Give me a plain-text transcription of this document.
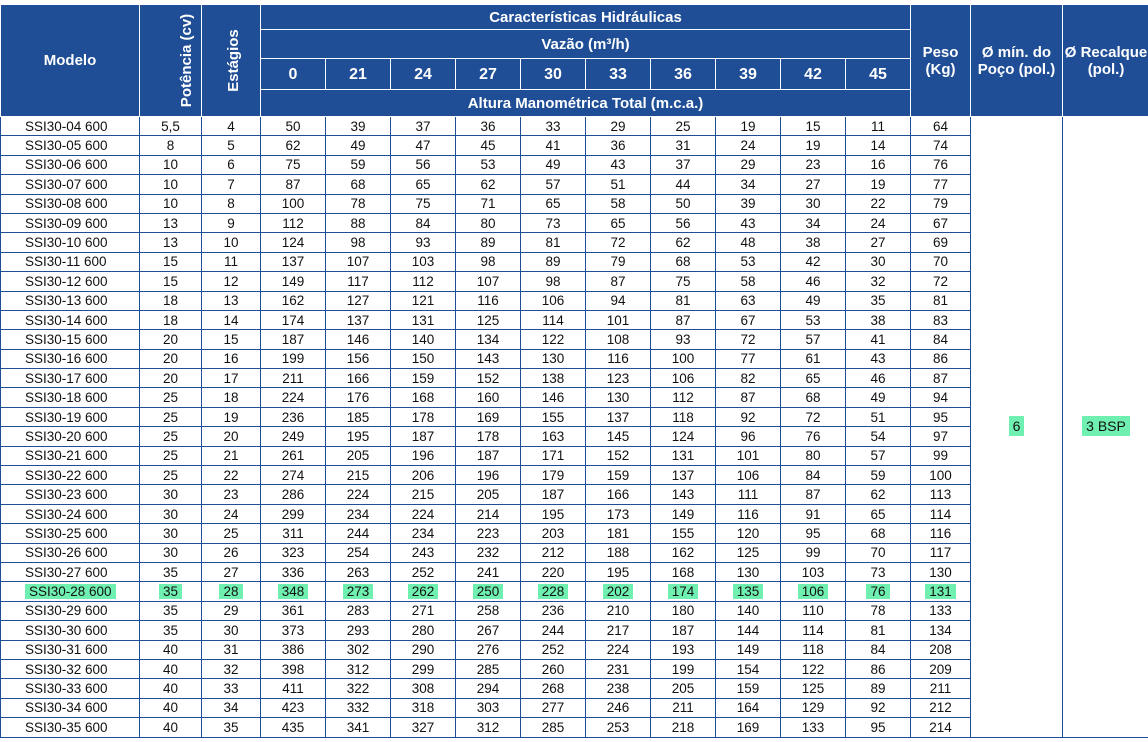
Modelo	Potência (cv)	Estágios	Características Hidráulicas										Peso (Kg)	Ø mín. do Poço (pol.)	Ø Recalque (pol.)
			Vazão (m³/h)												
			0	21	24	27	30	33	36	39	42	45			
			Altura Manométrica Total (m.c.a.)												
SSI30-04 600	5,5	4	50	39	37	36	33	29	25	19	15	11	64	6	3 BSP
SSI30-05 600	8	5	62	49	47	45	41	36	31	24	19	14	74		
SSI30-06 600	10	6	75	59	56	53	49	43	37	29	23	16	76		
SSI30-07 600	10	7	87	68	65	62	57	51	44	34	27	19	77		
SSI30-08 600	10	8	100	78	75	71	65	58	50	39	30	22	79		
SSI30-09 600	13	9	112	88	84	80	73	65	56	43	34	24	67		
SSI30-10 600	13	10	124	98	93	89	81	72	62	48	38	27	69		
SSI30-11 600	15	11	137	107	103	98	89	79	68	53	42	30	70		
SSI30-12 600	15	12	149	117	112	107	98	87	75	58	46	32	72		
SSI30-13 600	18	13	162	127	121	116	106	94	81	63	49	35	81		
SSI30-14 600	18	14	174	137	131	125	114	101	87	67	53	38	83		
SSI30-15 600	20	15	187	146	140	134	122	108	93	72	57	41	84		
SSI30-16 600	20	16	199	156	150	143	130	116	100	77	61	43	86		
SSI30-17 600	20	17	211	166	159	152	138	123	106	82	65	46	87		
SSI30-18 600	25	18	224	176	168	160	146	130	112	87	68	49	94		
SSI30-19 600	25	19	236	185	178	169	155	137	118	92	72	51	95		
SSI30-20 600	25	20	249	195	187	178	163	145	124	96	76	54	97		
SSI30-21 600	25	21	261	205	196	187	171	152	131	101	80	57	99		
SSI30-22 600	25	22	274	215	206	196	179	159	137	106	84	59	100		
SSI30-23 600	30	23	286	224	215	205	187	166	143	111	87	62	113		
SSI30-24 600	30	24	299	234	224	214	195	173	149	116	91	65	114		
SSI30-25 600	30	25	311	244	234	223	203	181	155	120	95	68	116		
SSI30-26 600	30	26	323	254	243	232	212	188	162	125	99	70	117		
SSI30-27 600	35	27	336	263	252	241	220	195	168	130	103	73	130		
SSI30-28 600	35	28	348	273	262	250	228	202	174	135	106	76	131		
SSI30-29 600	35	29	361	283	271	258	236	210	180	140	110	78	133		
SSI30-30 600	35	30	373	293	280	267	244	217	187	144	114	81	134		
SSI30-31 600	40	31	386	302	290	276	252	224	193	149	118	84	208		
SSI30-32 600	40	32	398	312	299	285	260	231	199	154	122	86	209		
SSI30-33 600	40	33	411	322	308	294	268	238	205	159	125	89	211		
SSI30-34 600	40	34	423	332	318	303	277	246	211	164	129	92	212		
SSI30-35 600	40	35	435	341	327	312	285	253	218	169	133	95	214		
